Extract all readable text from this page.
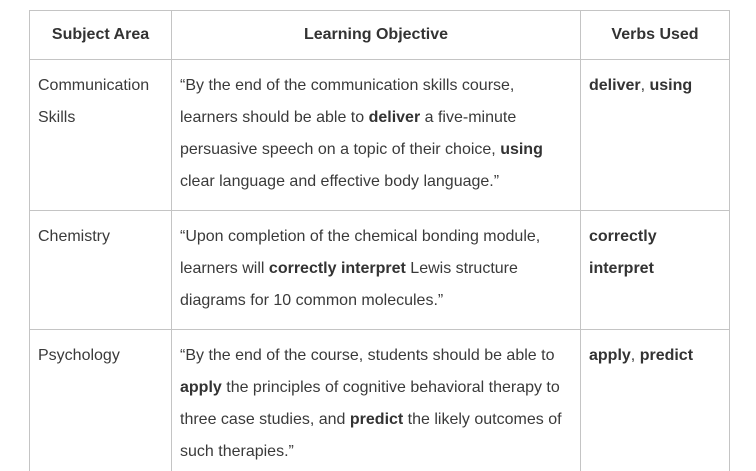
Subject Area	Learning Objective	Verbs Used
Communication Skills	“By the end of the communication skills course, learners should be able to deliver a five-minute persuasive speech on a topic of their choice, using clear language and effective body language.”	deliver, using
Chemistry	“Upon completion of the chemical bonding module, learners will correctly interpret Lewis structure diagrams for 10 common molecules.”	correctly interpret
Psychology	“By the end of the course, students should be able to apply the principles of cognitive behavioral therapy to three case studies, and predict the likely outcomes of such therapies.”	apply, predict
